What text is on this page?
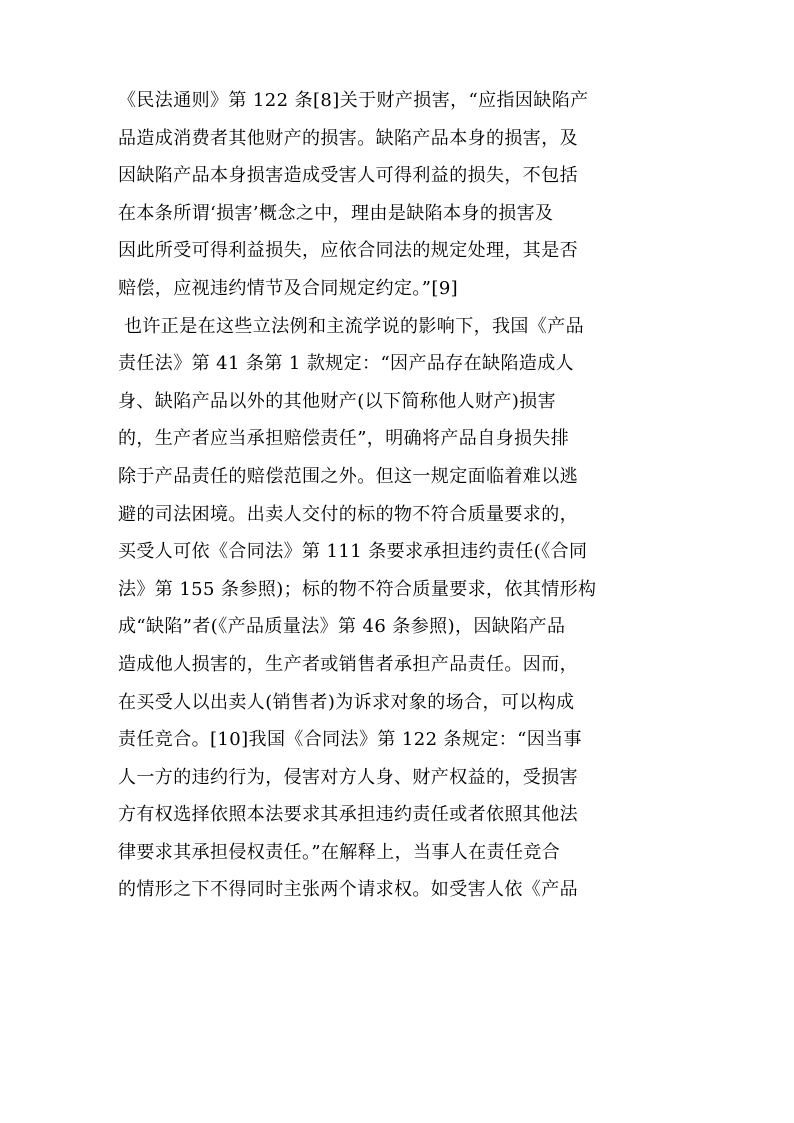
《民法通则》第 122 条[8]关于财产损害，“应指因缺陷产
品造成消费者其他财产的损害。缺陷产品本身的损害，及
因缺陷产品本身损害造成受害人可得利益的损失，不包括
在本条所谓‘损害’概念之中，理由是缺陷本身的损害及
因此所受可得利益损失，应依合同法的规定处理，其是否
赔偿，应视违约情节及合同规定约定。”[9]
也许正是在这些立法例和主流学说的影响下，我国《产品
责任法》第 41 条第 1 款规定：“因产品存在缺陷造成人
身、缺陷产品以外的其他财产(以下简称他人财产)损害
的，生产者应当承担赔偿责任”，明确将产品自身损失排
除于产品责任的赔偿范围之外。但这一规定面临着难以逃
避的司法困境。出卖人交付的标的物不符合质量要求的，
买受人可依《合同法》第 111 条要求承担违约责任(《合同
法》第 155 条参照)；标的物不符合质量要求，依其情形构
成“缺陷”者(《产品质量法》第 46 条参照)，因缺陷产品
造成他人损害的，生产者或销售者承担产品责任。因而，
在买受人以出卖人(销售者)为诉求对象的场合，可以构成
责任竞合。[10]我国《合同法》第 122 条规定：“因当事
人一方的违约行为，侵害对方人身、财产权益的，受损害
方有权选择依照本法要求其承担违约责任或者依照其他法
律要求其承担侵权责任。”在解释上，当事人在责任竞合
的情形之下不得同时主张两个请求权。如受害人依《产品
